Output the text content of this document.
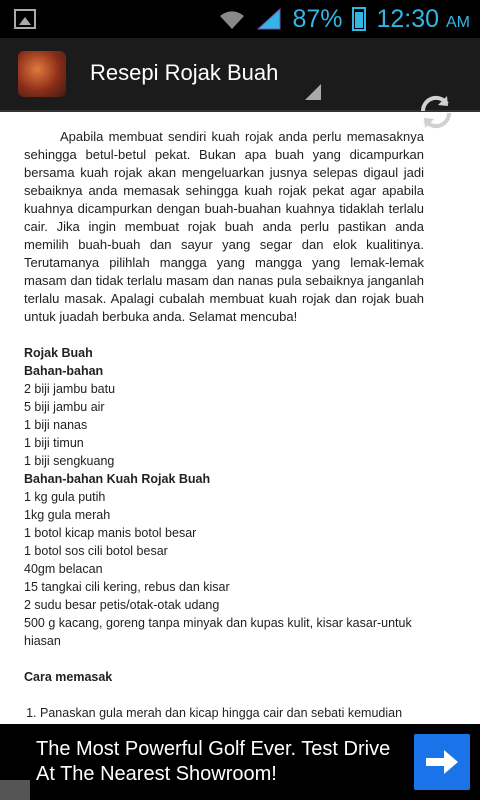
87% 12:30 AM
Resepi Rojak Buah
Apabila membuat sendiri kuah rojak anda perlu memasaknya sehingga betul-betul pekat. Bukan apa buah yang dicampurkan bersama kuah rojak akan mengeluarkan jusnya selepas digaul jadi sebaiknya anda memasak sehingga kuah rojak pekat agar apabila kuahnya dicampurkan dengan buah-buahan kuahnya tidaklah terlalu cair. Jika ingin membuat rojak buah anda perlu pastikan anda memilih buah-buah dan sayur yang segar dan elok kualitinya. Terutamanya pilihlah mangga yang mangga yang lemak-lemak masam dan tidak terlalu masam dan nanas pula sebaiknya janganlah terlalu masak. Apalagi cubalah membuat kuah rojak dan rojak buah untuk juadah berbuka anda. Selamat mencuba!
Rojak Buah
Bahan-bahan
2 biji jambu batu
5 biji jambu air
1 biji nanas
1 biji timun
1 biji sengkuang
Bahan-bahan Kuah Rojak Buah
1 kg gula putih
1kg gula merah
1 botol kicap manis botol besar
1 botol sos cili botol besar
40gm belacan
15 tangkai cili kering, rebus dan kisar
2 sudu besar petis/otak-otak udang
500 g kacang, goreng tanpa minyak dan kupas kulit, kisar kasar-untuk hiasan
Cara memasak
1. Panaskan gula merah dan kicap hingga cair dan sebati kemudian
The Most Powerful Golf Ever. Test Drive At The Nearest Showroom!
